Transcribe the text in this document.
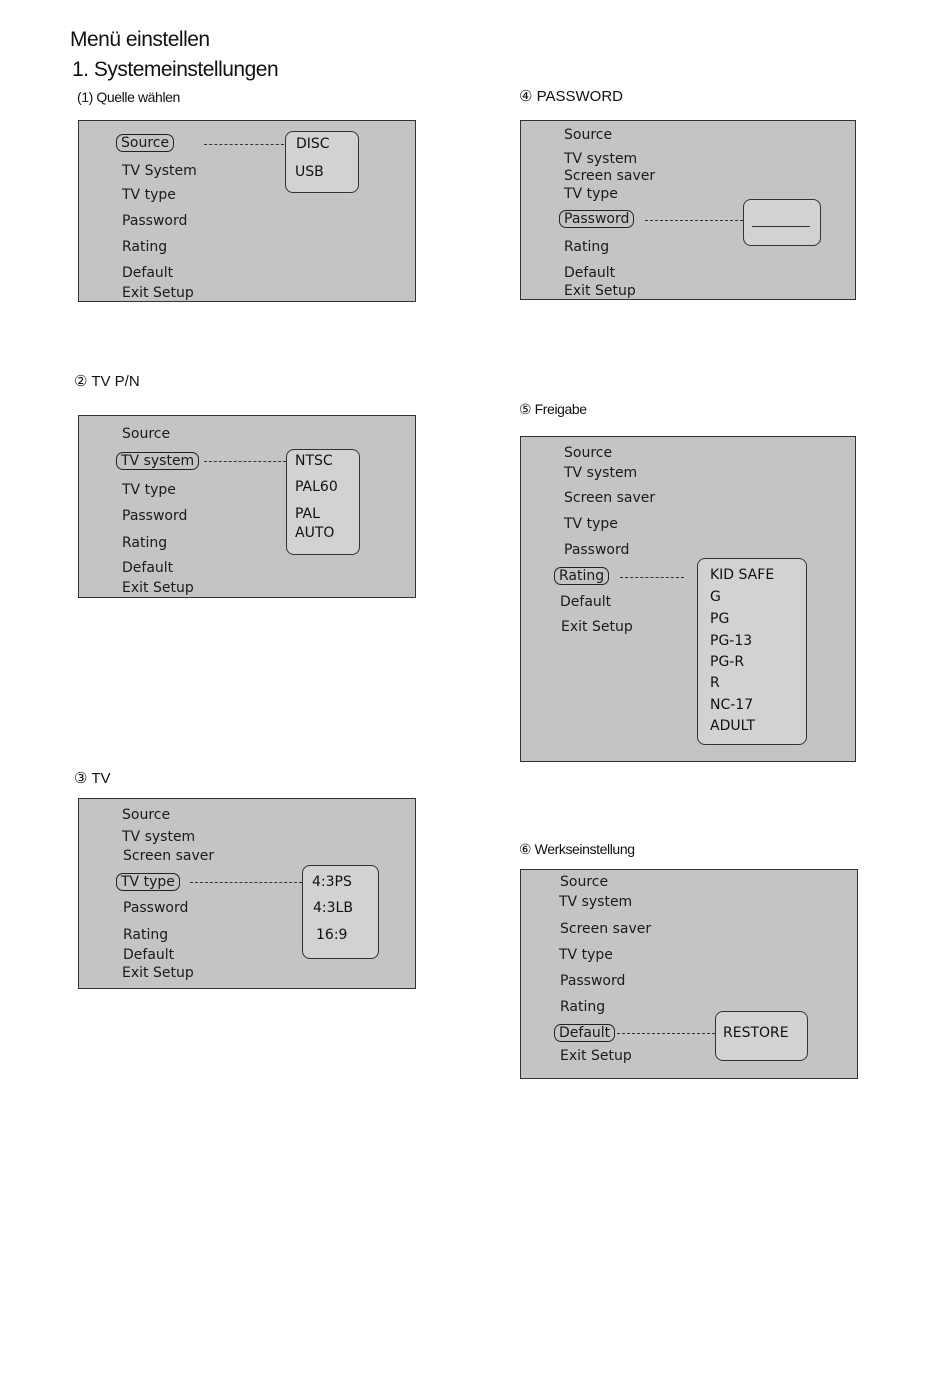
Menü einstellen
1. Systemeinstellungen
(1) Quelle wählen
Source
TV System
TV type
Password
Rating
Default
Exit Setup
DISC
USB
② TV P/N
Source
TV system
TV type
Password
Rating
Default
Exit Setup
NTSC
PAL60
PAL
AUTO
③ TV
Source
TV system
Screen saver
TV type
Password
Rating
Default
Exit Setup
4:3PS
4:3LB
16:9
④ PASSWORD
Source
TV system
Screen saver
TV type
Password
Rating
Default
Exit Setup
⑤ Freigabe
Source
TV system
Screen saver
TV type
Password
Rating
Default
Exit Setup
KID SAFE
G
PG
PG-13
PG-R
R
NC-17
ADULT
⑥ Werkseinstellung
Source
TV system
Screen saver
TV type
Password
Rating
Default
Exit Setup
RESTORE
